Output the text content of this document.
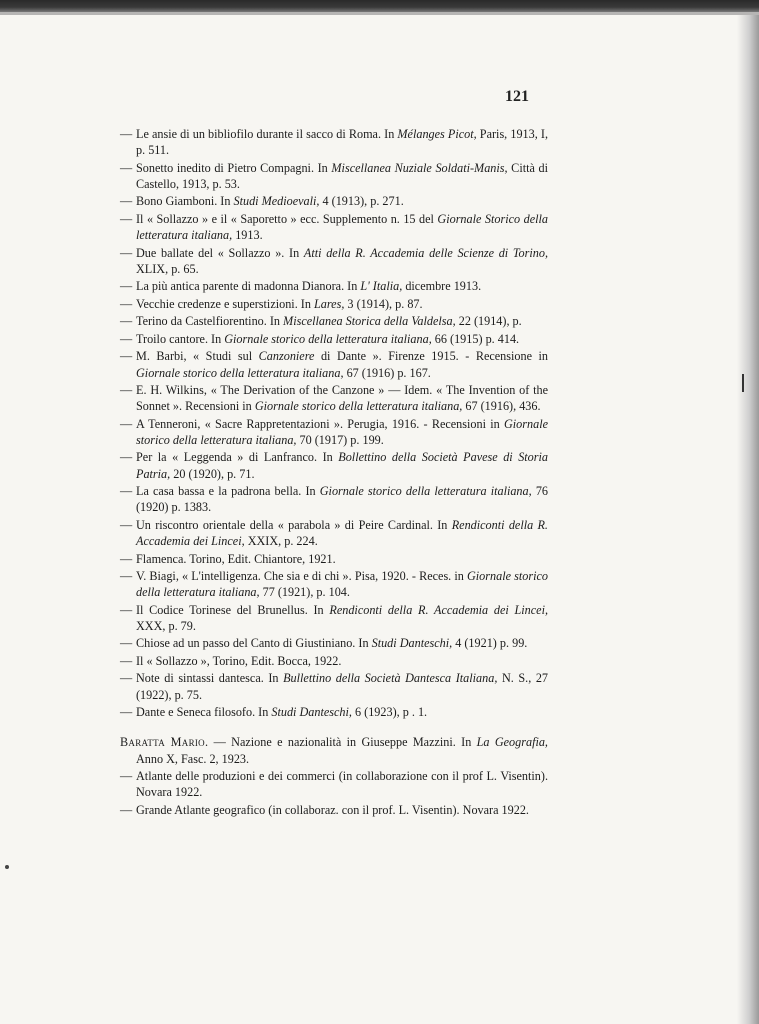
121
— Le ansie di un bibliofilo durante il sacco di Roma. In Mélanges Picot, Paris, 1913, I, p. 511.
— Sonetto inedito di Pietro Compagni. In Miscellanea Nuziale Soldati-Manis, Città di Castello, 1913, p. 53.
— Bono Giamboni. In Studi Medioevali, 4 (1913), p. 271.
— Il « Sollazzo » e il « Saporetto » ecc. Supplemento n. 15 del Giornale Storico della letteratura italiana, 1913.
— Due ballate del « Sollazzo ». In Atti della R. Accademia delle Scienze di Torino, XLIX, p. 65.
— La più antica parente di madonna Dianora. In L' Italia, dicembre 1913.
— Vecchie credenze e superstizioni. In Lares, 3 (1914), p. 87.
— Terino da Castelfiorentino. In Miscellanea Storica della Valdelsa, 22 (1914), p.
— Troilo cantore. In Giornale storico della letteratura italiana, 66 (1915) p. 414.
— M. Barbi, « Studi sul Canzoniere di Dante ». Firenze 1915. - Recensione in Giornale storico della letteratura italiana, 67 (1916) p. 167.
— E. H. Wilkins, « The Derivation of the Canzone » — Idem. « The Invention of the Sonnet ». Recensioni in Giornale storico della letteratura italiana, 67 (1916), 436.
— A Tenneroni, « Sacre Rappretentazioni ». Perugia, 1916. - Recensioni in Giornale storico della letteratura italiana, 70 (1917) p. 199.
— Per la « Leggenda » di Lanfranco. In Bollettino della Società Pavese di Storia Patria, 20 (1920), p. 71.
— La casa bassa e la padrona bella. In Giornale storico della letteratura italiana, 76 (1920) p. 1383.
— Un riscontro orientale della « parabola » di Peire Cardinal. In Rendiconti della R. Accademia dei Lincei, XXIX, p. 224.
— Flamenca. Torino, Edit. Chiantore, 1921.
— V. Biagi, « L'intelligenza. Che sia e di chi ». Pisa, 1920. - Reces. in Giornale storico della letteratura italiana, 77 (1921), p. 104.
— Il Codice Torinese del Brunellus. In Rendiconti della R. Accademia dei Lincei, XXX, p. 79.
— Chiose ad un passo del Canto di Giustiniano. In Studi Danteschi, 4 (1921) p. 99.
— Il « Sollazzo », Torino, Edit. Bocca, 1922.
— Note di sintassi dantesca. In Bullettino della Società Dantesca Italiana, N. S., 27 (1922), p. 75.
— Dante e Seneca filosofo. In Studi Danteschi, 6 (1923), p . 1.
Baratta Mario. — Nazione e nazionalità in Giuseppe Mazzini. In La Geografia, Anno X, Fasc. 2, 1923.
— Atlante delle produzioni e dei commerci (in collaborazione con il prof L. Visentin). Novara 1922.
— Grande Atlante geografico (in collaboraz. con il prof. L. Visentin). Novara 1922.
